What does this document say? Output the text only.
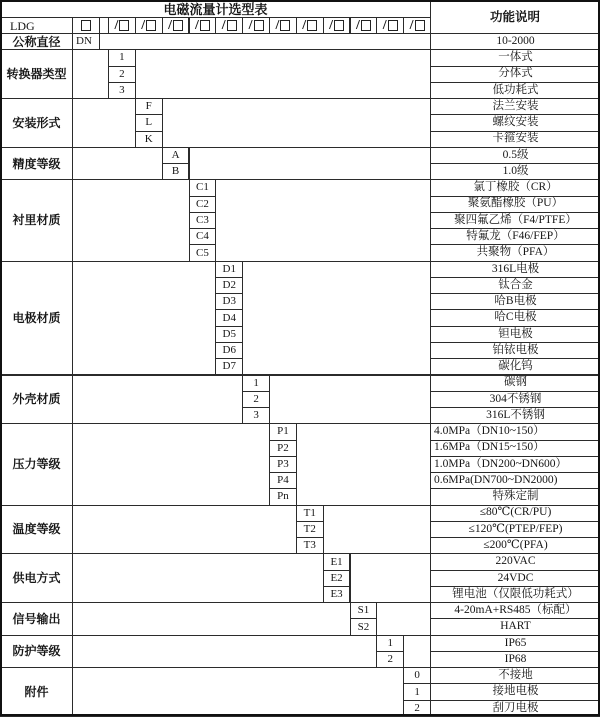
电磁流量计选型表
功能说明
LDG	/ / / / / / / / / / / /
公称直径	DN	10-2000
转换器类型
1	一体式
2	分体式
3	低功耗式
安装形式
F	法兰安装
L	螺纹安装
K	卡箍安装
精度等级
A	0.5级
B	1.0级
衬里材质
C1	氯丁橡胶（CR）
C2	聚氨酯橡胶（PU）
C3	聚四氟乙烯（F4/PTFE）
C4	特氟龙（F46/FEP）
C5	共聚物（PFA）
电极材质
D1	316L电极
D2	钛合金
D3	哈B电极
D4	哈C电极
D5	钽电极
D6	铂铱电极
D7	碳化钨
外壳材质
1	碳钢
2	304不锈钢
3	316L不锈钢
压力等级
P1	4.0MPa（DN10~150）
P2	1.6MPa（DN15~150）
P3	1.0MPa（DN200~DN600）
P4	0.6MPa(DN700~DN2000)
Pn	特殊定制
温度等级
T1	≤80℃(CR/PU)
T2	≤120℃(PTEP/FEP)
T3	≤200℃(PFA)
供电方式
E1	220VAC
E2	24VDC
E3	锂电池（仅限低功耗式）
信号输出
S1	4-20mA+RS485（标配）
S2	HART
防护等级
1	IP65
2	IP68
附件
0	不接地
1	接地电极
2	刮刀电极
